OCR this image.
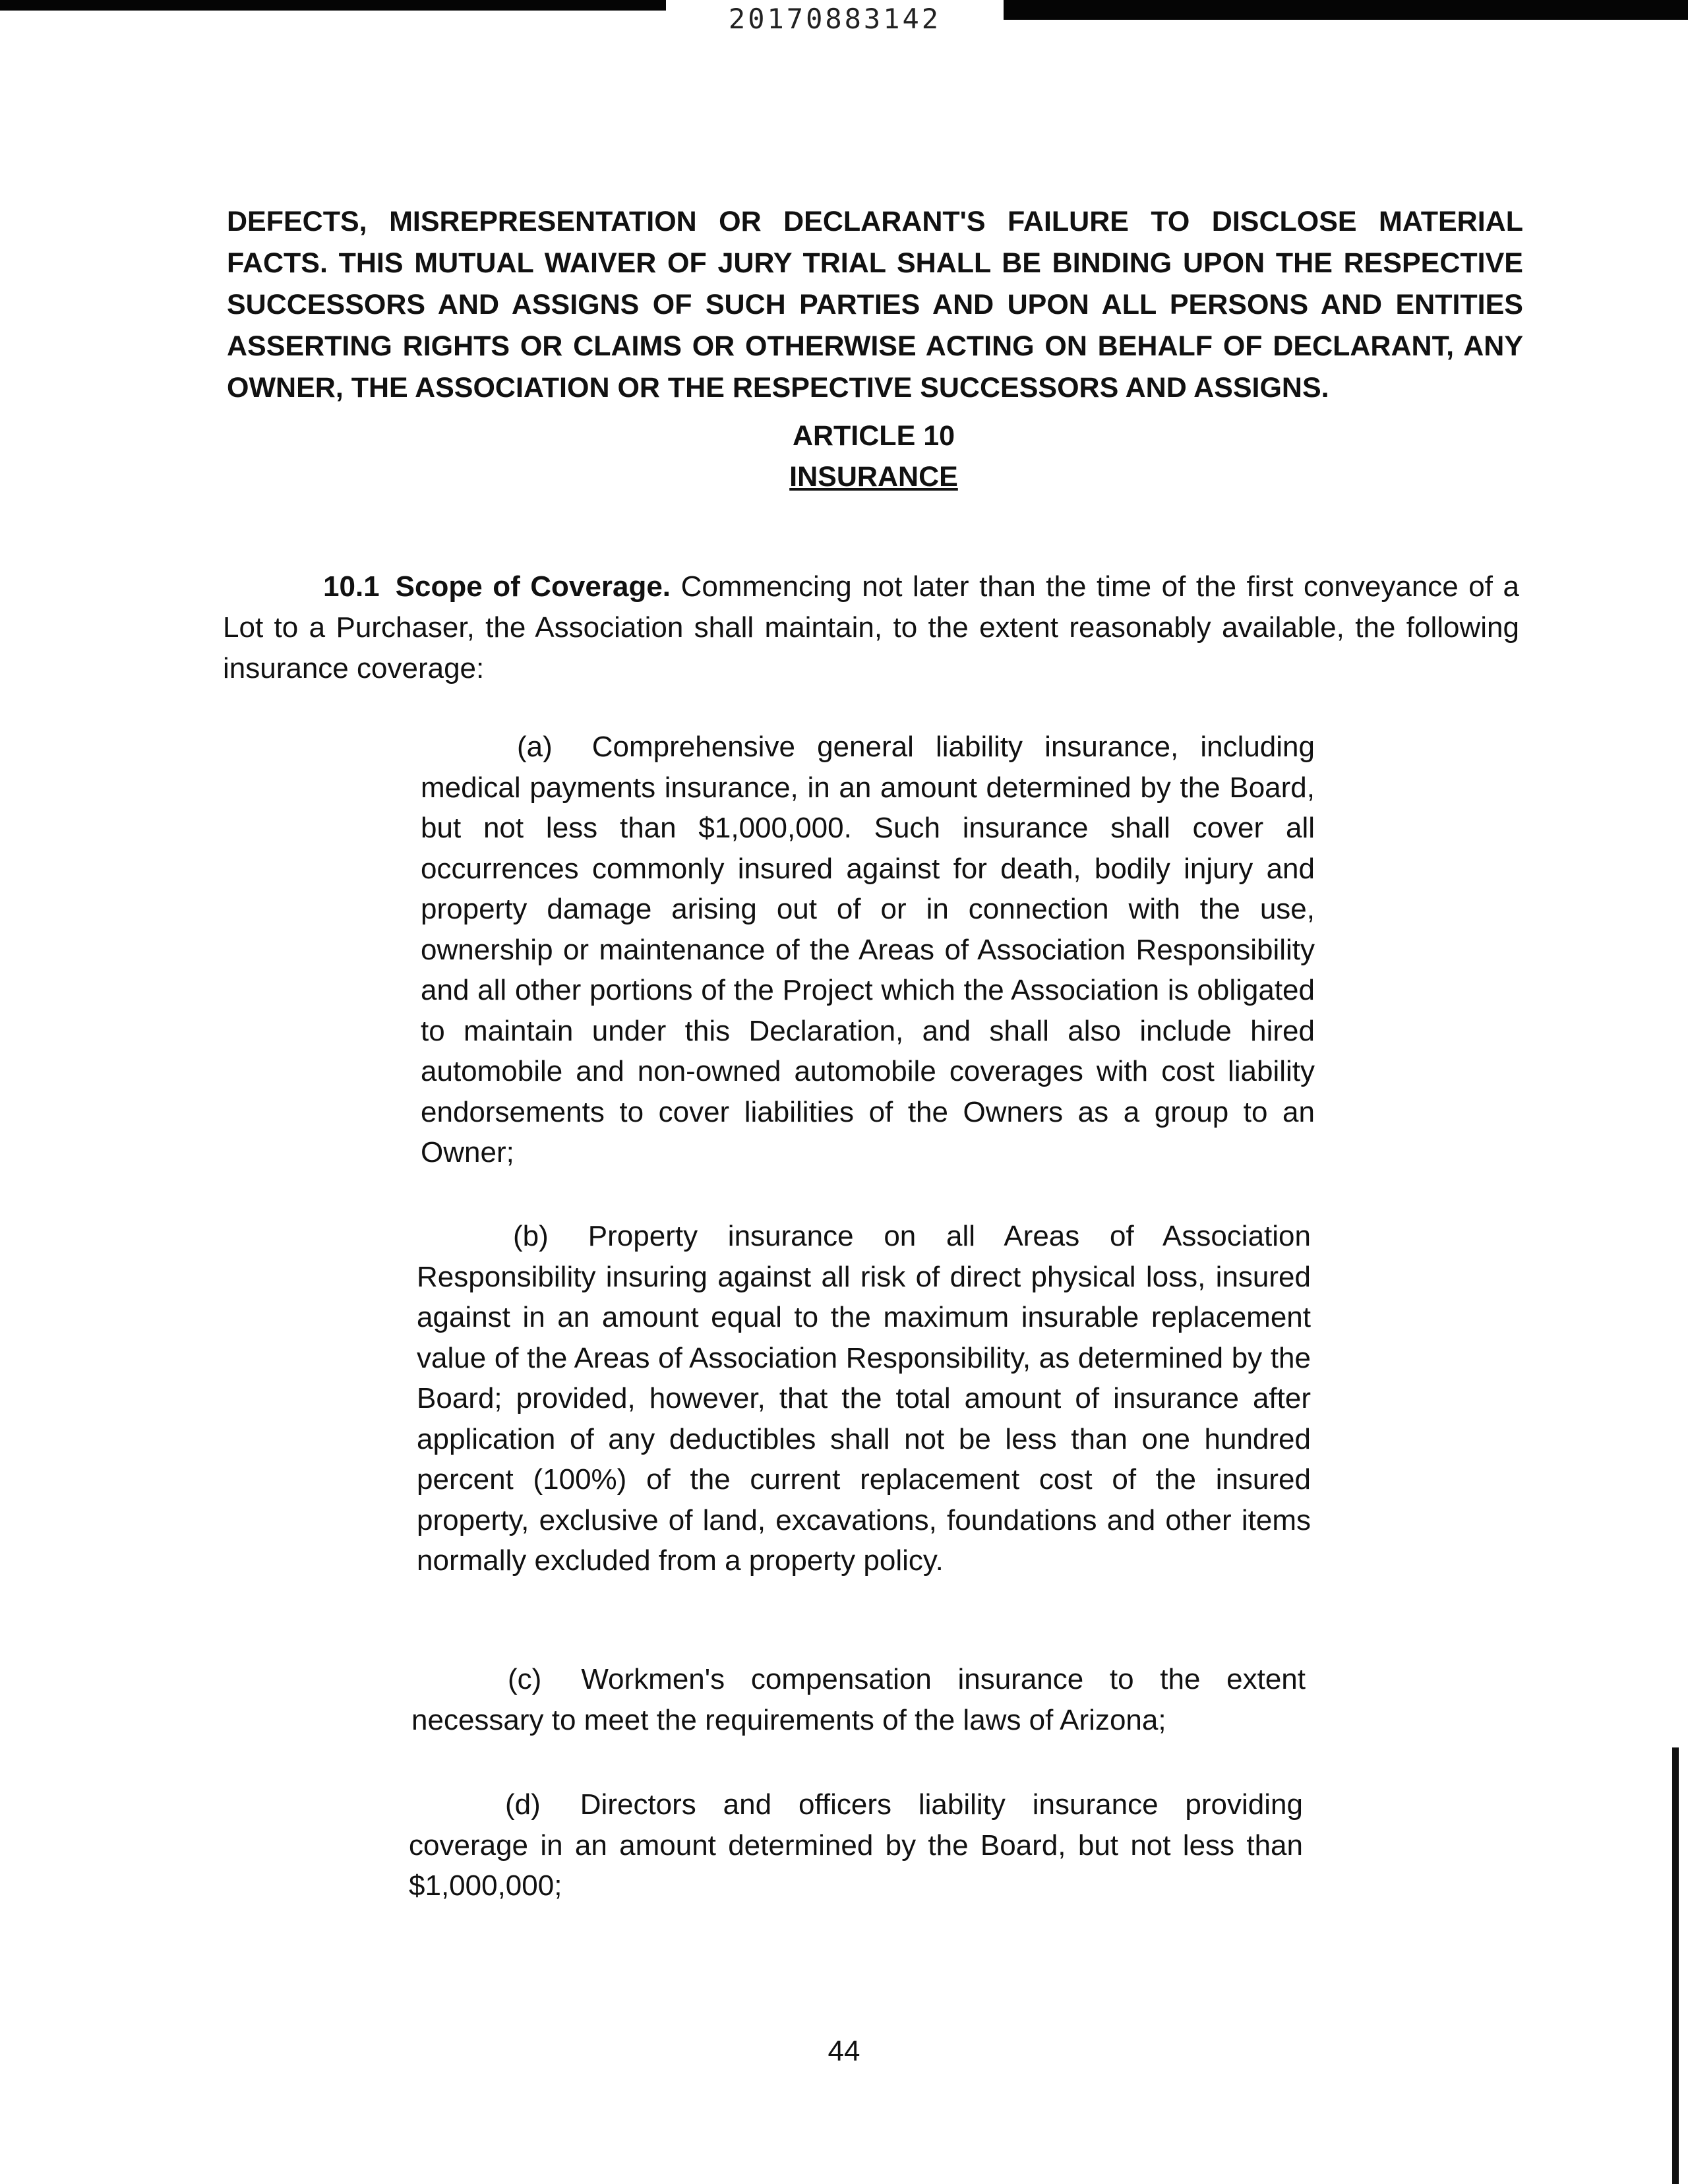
20170883142

DEFECTS, MISREPRESENTATION OR DECLARANT'S FAILURE TO DISCLOSE MATERIAL FACTS. THIS MUTUAL WAIVER OF JURY TRIAL SHALL BE BINDING UPON THE RESPECTIVE SUCCESSORS AND ASSIGNS OF SUCH PARTIES AND UPON ALL PERSONS AND ENTITIES ASSERTING RIGHTS OR CLAIMS OR OTHERWISE ACTING ON BEHALF OF DECLARANT, ANY OWNER, THE ASSOCIATION OR THE RESPECTIVE SUCCESSORS AND ASSIGNS.

ARTICLE 10
INSURANCE

10.1 Scope of Coverage. Commencing not later than the time of the first conveyance of a Lot to a Purchaser, the Association shall maintain, to the extent reasonably available, the following insurance coverage:

(a) Comprehensive general liability insurance, including medical payments insurance, in an amount determined by the Board, but not less than $1,000,000. Such insurance shall cover all occurrences commonly insured against for death, bodily injury and property damage arising out of or in connection with the use, ownership or maintenance of the Areas of Association Responsibility and all other portions of the Project which the Association is obligated to maintain under this Declaration, and shall also include hired automobile and non-owned automobile coverages with cost liability endorsements to cover liabilities of the Owners as a group to an Owner;

(b) Property insurance on all Areas of Association Responsibility insuring against all risk of direct physical loss, insured against in an amount equal to the maximum insurable replacement value of the Areas of Association Responsibility, as determined by the Board; provided, however, that the total amount of insurance after application of any deductibles shall not be less than one hundred percent (100%) of the current replacement cost of the insured property, exclusive of land, excavations, foundations and other items normally excluded from a property policy.

(c) Workmen's compensation insurance to the extent necessary to meet the requirements of the laws of Arizona;

(d) Directors and officers liability insurance providing coverage in an amount determined by the Board, but not less than $1,000,000;

44
